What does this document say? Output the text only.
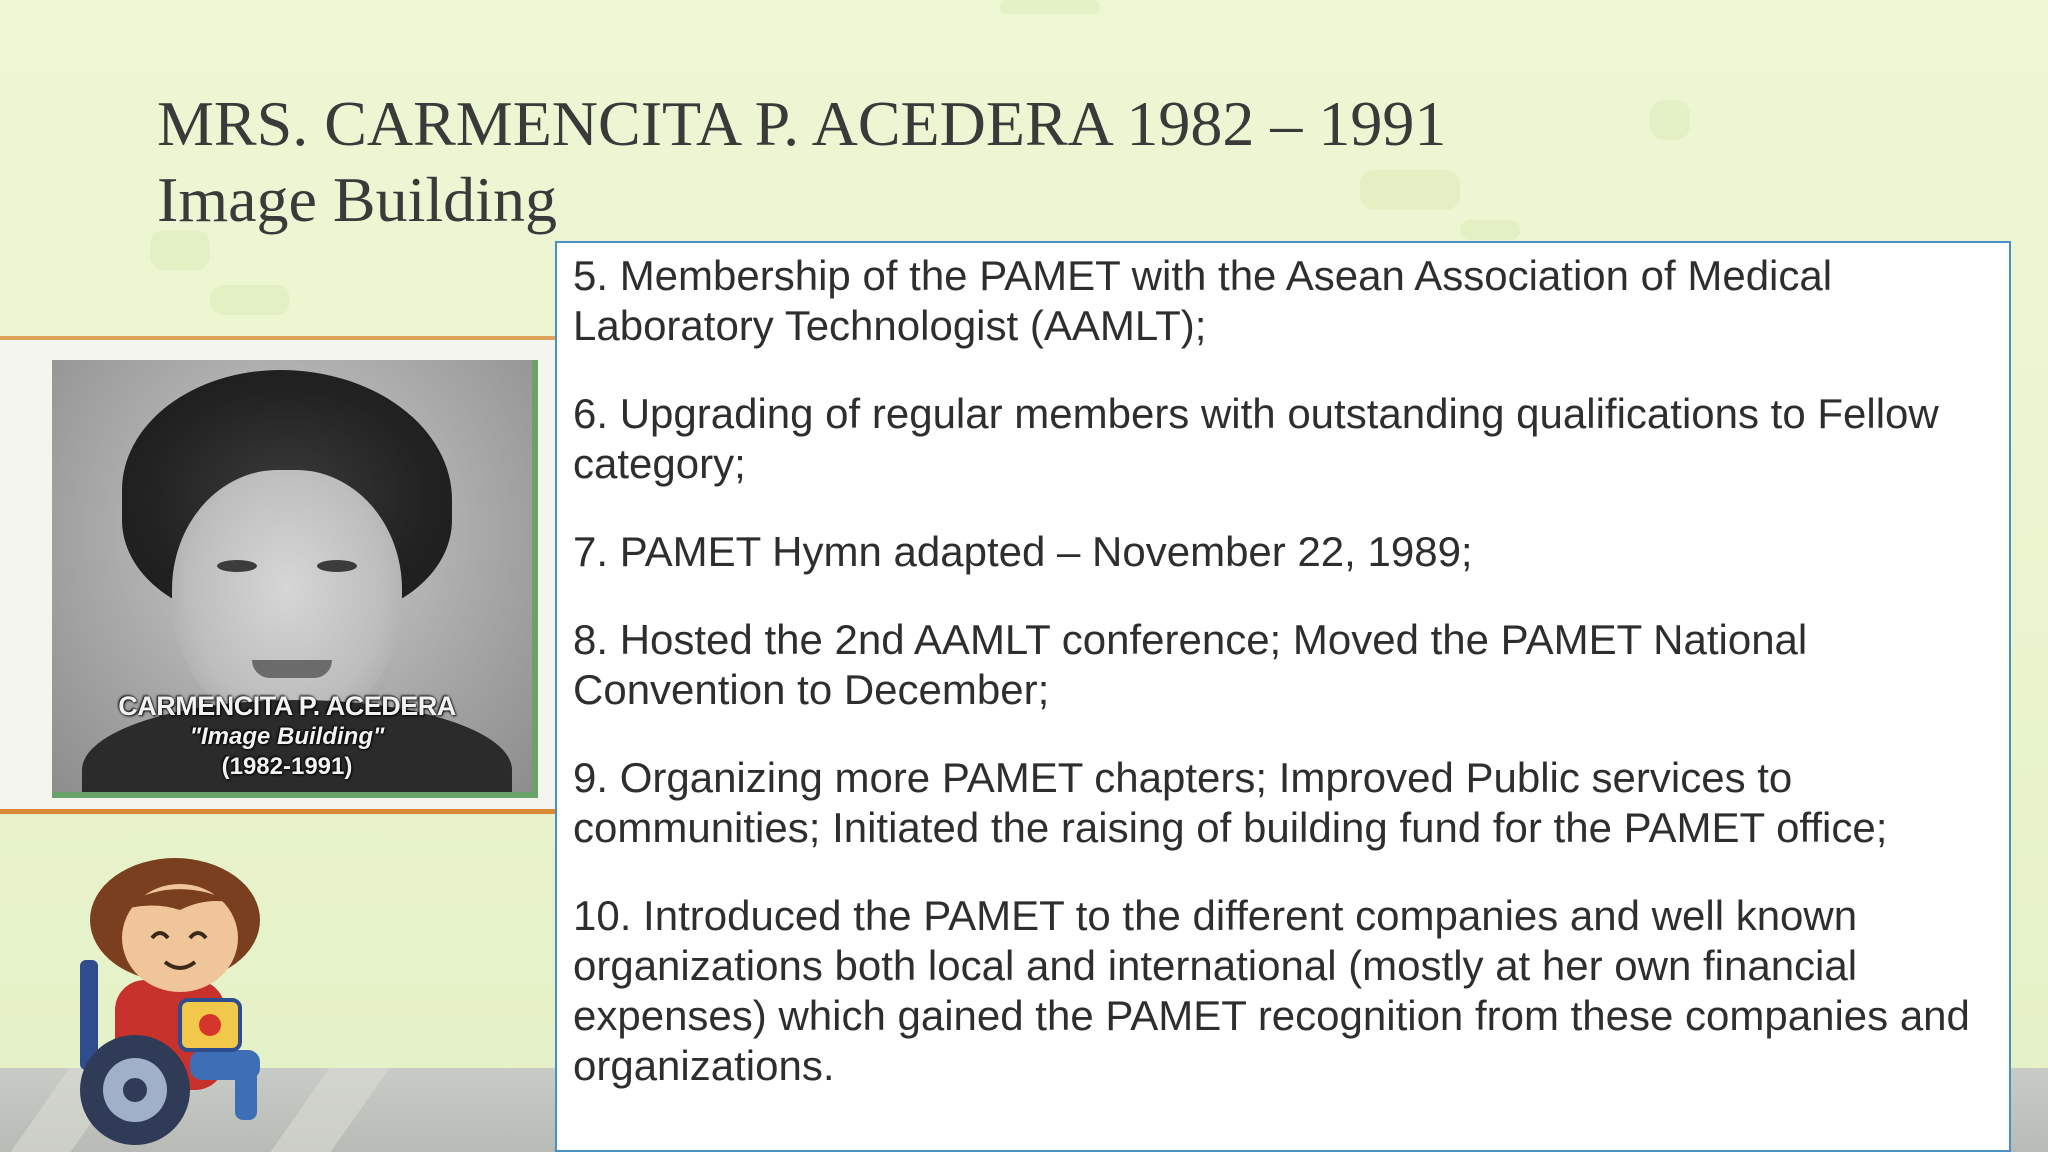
MRS. CARMENCITA P. ACEDERA 1982 – 1991
Image Building
CARMENCITA P. ACEDERA
"Image Building"
(1982-1991)

5. Membership of the PAMET with the Asean Association of Medical Laboratory Technologist (AAMLT);

6. Upgrading of regular members with outstanding qualifications to Fellow category;

7. PAMET Hymn adapted – November 22, 1989;

8. Hosted the 2nd AAMLT conference; Moved the PAMET National Convention to December;

9. Organizing more PAMET chapters; Improved Public services to communities; Initiated the raising of building fund for the PAMET office;

10. Introduced the PAMET to the different companies and well known organizations both local and international (mostly at her own financial expenses) which gained the PAMET recognition from these companies and organizations.
